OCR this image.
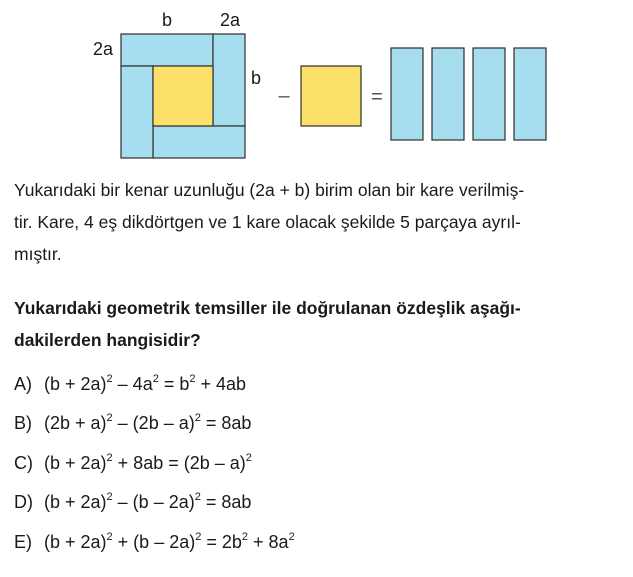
b	2a
2a
b
–	=

Yukarıdaki bir kenar uzunluğu (2a + b) birim olan bir kare verilmiş-
tir. Kare, 4 eş dikdörtgen ve 1 kare olacak şekilde 5 parçaya ayrıl-
mıştır.

Yukarıdaki geometrik temsiller ile doğrulanan özdeşlik aşağı-
dakilerden hangisidir?

A) $(b + 2a)^2 - 4a^2 = b^2 + 4ab$
B) $(2b + a)^2 - (2b - a)^2 = 8ab$
C) $(b + 2a)^2 + 8ab = (2b - a)^2$
D) $(b + 2a)^2 - (b - 2a)^2 = 8ab$
E) $(b + 2a)^2 + (b - 2a)^2 = 2b^2 + 8a^2$
